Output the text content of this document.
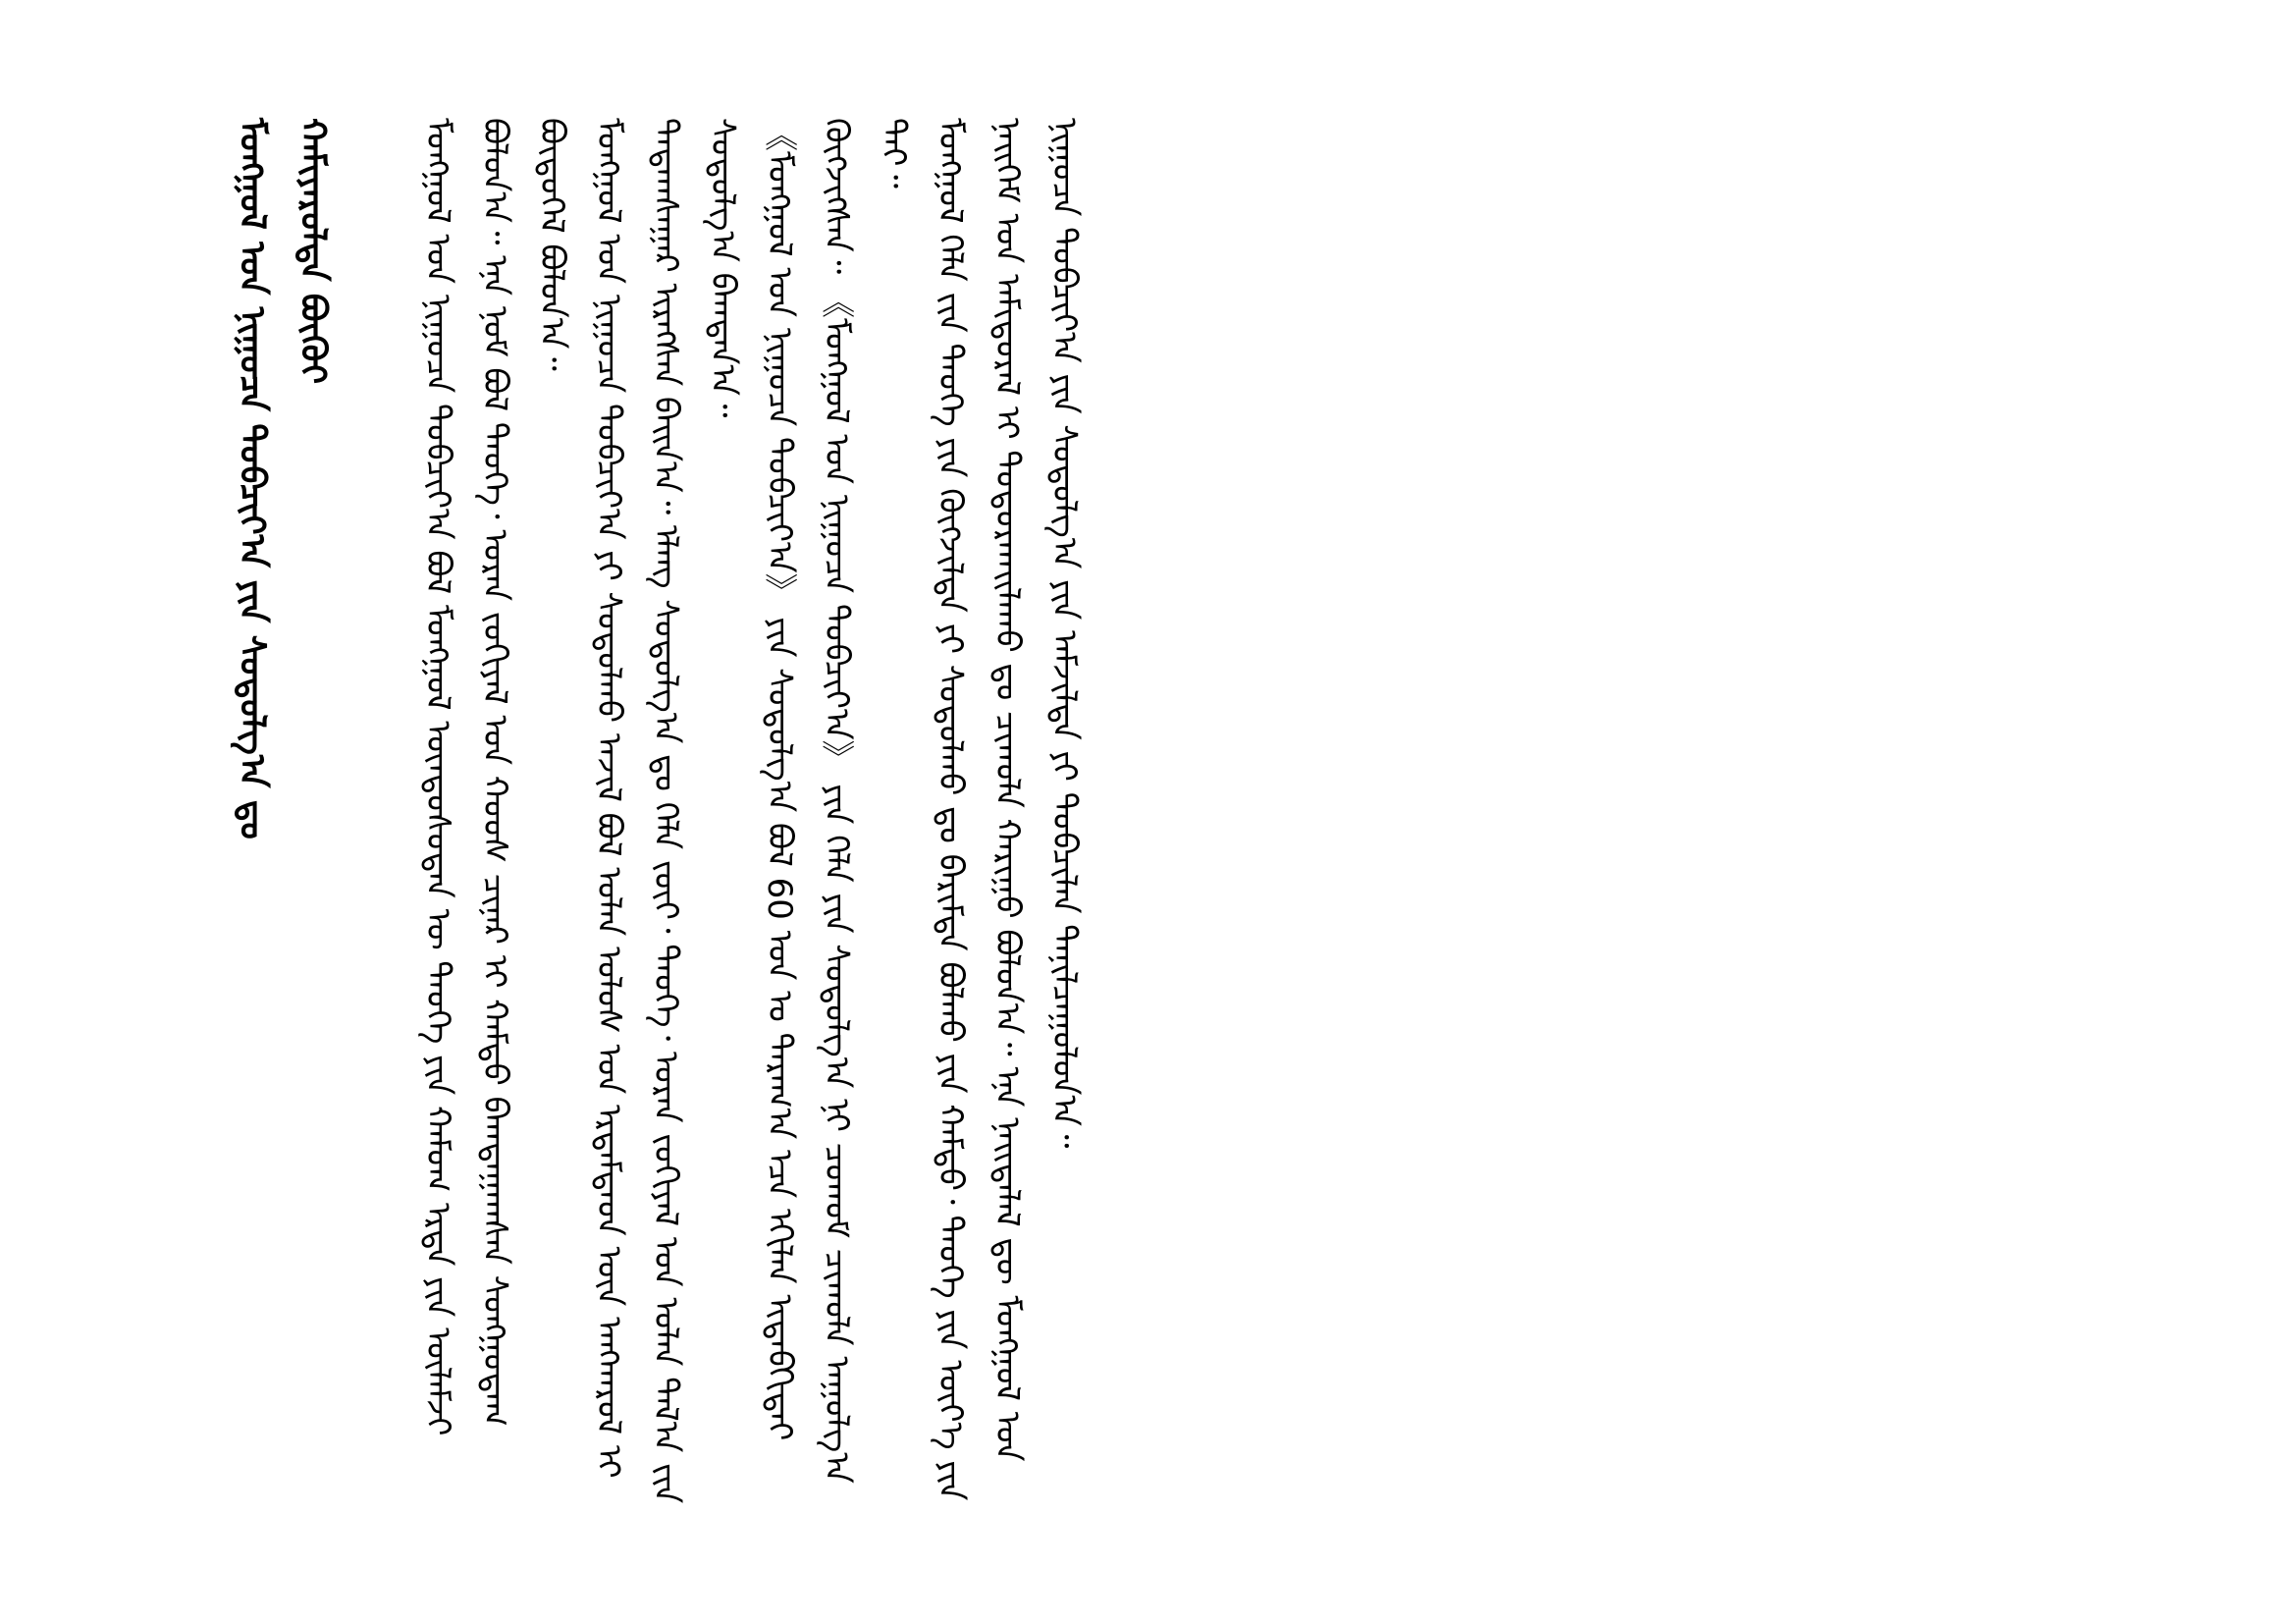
ᠮᠣᠩᠭᠣᠯ ᠤᠨ ᠨᠢᠭᠤᠴᠠ ᠲᠣᠪᠴᠢᠶ᠎ᠠ ᠶᠢᠨ ᠰᠤᠳᠤᠯᠭ᠎ᠠ ᠳᠤ ᠬᠠᠮᠢᠶᠠᠷᠤᠯᠲᠠ ᠪᠦᠬᠦᠢ	ᠮᠣᠩᠭᠣᠯ ᠤᠨ ᠨᠢᠭᠤᠴᠠ ᠲᠣᠪᠴᠢᠶ᠎ᠠ ᠪᠣᠯ ᠮᠣᠩᠭᠣᠯ ᠦᠨᠳᠦᠰᠦᠲᠡᠨ ᠦ ᠲᠡᠦᠬᠡ ᠶᠢᠨ ᠬᠠᠮᠤᠭ ᠡᠷᠲᠡ ᠶᠢᠨ ᠦᠯᠡᠮᠵᠢ ᠪᠣᠯᠤᠨ᠎ᠠ᠃ ᠡᠨᠡ ᠨᠣᠮ ᠪᠣᠯ ᠲᠡᠦᠬᠡ᠂ ᠤᠷᠠᠨ ᠵᠣᠬᠢᠶᠠᠯ ᠤᠨ ᠬᠣᠣᠰ ᠴᠢᠨᠠᠷ ᠢ ᠬᠠᠮᠲᠤ ᠪᠠᠭᠲᠠᠭᠠᠭᠰᠠᠨ ᠰᠣᠩᠭᠣᠳᠠᠭ ᠪᠦᠲᠦᠭᠡᠯ ᠪᠣᠯᠤᠨ᠎ᠠ᠃ ᠮᠣᠩᠭᠣᠯ ᠤᠨ ᠨᠢᠭᠤᠴᠠ ᠲᠣᠪᠴᠢᠶ᠎ᠠ ᠶᠢ ᠰᠤᠳᠤᠯᠬᠤ ᠠᠵᠢᠯ ᠪᠣᠯ ᠣᠯᠠᠨ ᠤᠯᠤᠰ ᠤᠨ ᠡᠷᠳᠡᠮᠲᠡᠳ ᠦᠨ ᠠᠩᠬᠠᠷᠤᠯ ᠢ ᠲᠠᠲᠠᠭᠰᠠᠭᠠᠷ ᠢᠷᠡᠭᠰᠡᠨ ᠪᠠᠢᠨ᠎ᠠ᠃ ᠡᠯᠡᠩ ᠰᠤᠳᠤᠯᠭ᠎ᠠ ᠳᠤ ᠬᠡᠯᠡ ᠵᠦᠢ᠂ ᠲᠡᠦᠬᠡ᠂ ᠤᠷᠠᠨ ᠵᠣᠬᠢᠶᠠᠯ ᠤᠨ ᠣᠯᠠᠨ ᠲᠠᠯ᠎ᠠ ᠵᠢᠨ ᠰᠤᠳᠤᠯᠭ᠎ᠠ ᠪᠠᠭᠲᠠᠨ᠎ᠠ᠃ 《ᠮᠣᠩᠭᠣᠯ ᠤᠨ ᠨᠢᠭᠤᠴᠠ ᠲᠣᠪᠴᠢᠶ᠎ᠠ》 ᠶᠢᠨ ᠰᠤᠳᠤᠯᠭ᠎ᠠ ᠪᠣᠯ 60 ᠣᠨ ᠤ ᠳᠠᠷᠠᠭ᠎ᠠ ᠡᠴᠡ ᠡᠬᠢᠯᠡᠨ ᠢᠳᠡᠪᠬᠢᠲᠡᠢ ᠬᠥᠭᠵᠢᠭᠰᠡᠨ᠃ 《ᠮᠣᠩᠭᠣᠯ ᠤᠨ ᠨᠢᠭᠤᠴᠠ ᠲᠣᠪᠴᠢᠶ᠎ᠠ》 ᠶᠢᠨ ᠬᠡᠯᠡ ᠶᠢᠨ ᠰᠤᠳᠤᠯᠭ᠎ᠠ ᠨᠢ ᠴᠤᠬᠤᠮ ᠴᠢᠬᠤᠯᠠ ᠠᠭᠤᠯᠭ᠎ᠠ ᠲᠠᠢ᠃ ᠮᠣᠩᠭᠣᠯ ᠬᠡᠯᠡ ᠵᠢᠨ ᠲᠡᠦᠬᠡ ᠶᠢᠨ ᠬᠥᠭᠵᠢᠯᠲᠡ ᠶᠢ ᠰᠤᠳᠤᠯᠬᠤ ᠳᠤ ᠪᠠᠷᠢᠮᠲᠠ ᠪᠣᠯᠬᠤ ᠶᠢᠨ ᠬᠠᠮᠲᠤ᠂ ᠲᠡᠦᠬᠡ ᠶᠢᠨ ᠦᠶ᠎ᠡ ᠶᠢᠨ ᠨᠡᠢᠭᠡᠮ ᠤᠨ ᠠᠮᠢᠳᠤᠷᠠᠯ ᠢ ᠲᠣᠳᠤᠷᠬᠠᠢᠯᠠᠬᠤ ᠳᠤ ᠴᠢᠬᠤᠯᠠ ᠬᠠᠷᠢᠭᠤ ᠪᠣᠯᠤᠨ᠎ᠠ᠃ ᠡᠨᠡ ᠨᠡᠢᠲᠡᠯᠡᠯ ᠳᠦ ᠮᠣᠩᠭᠣᠯ ᠤᠨ ᠨᠢᠭᠤᠴᠠ ᠲᠣᠪᠴᠢᠶ᠎ᠠ ᠶᠢᠨ ᠰᠤᠳᠤᠯᠭ᠎ᠠ ᠶᠢᠨ ᠠᠮᠵᠢᠯᠲᠠ ᠶᠢ ᠲᠣᠪᠴᠢᠯᠠᠨ ᠲᠠᠨᠢᠯᠴᠠᠭᠤᠯᠤᠨ᠎ᠠ᠃
